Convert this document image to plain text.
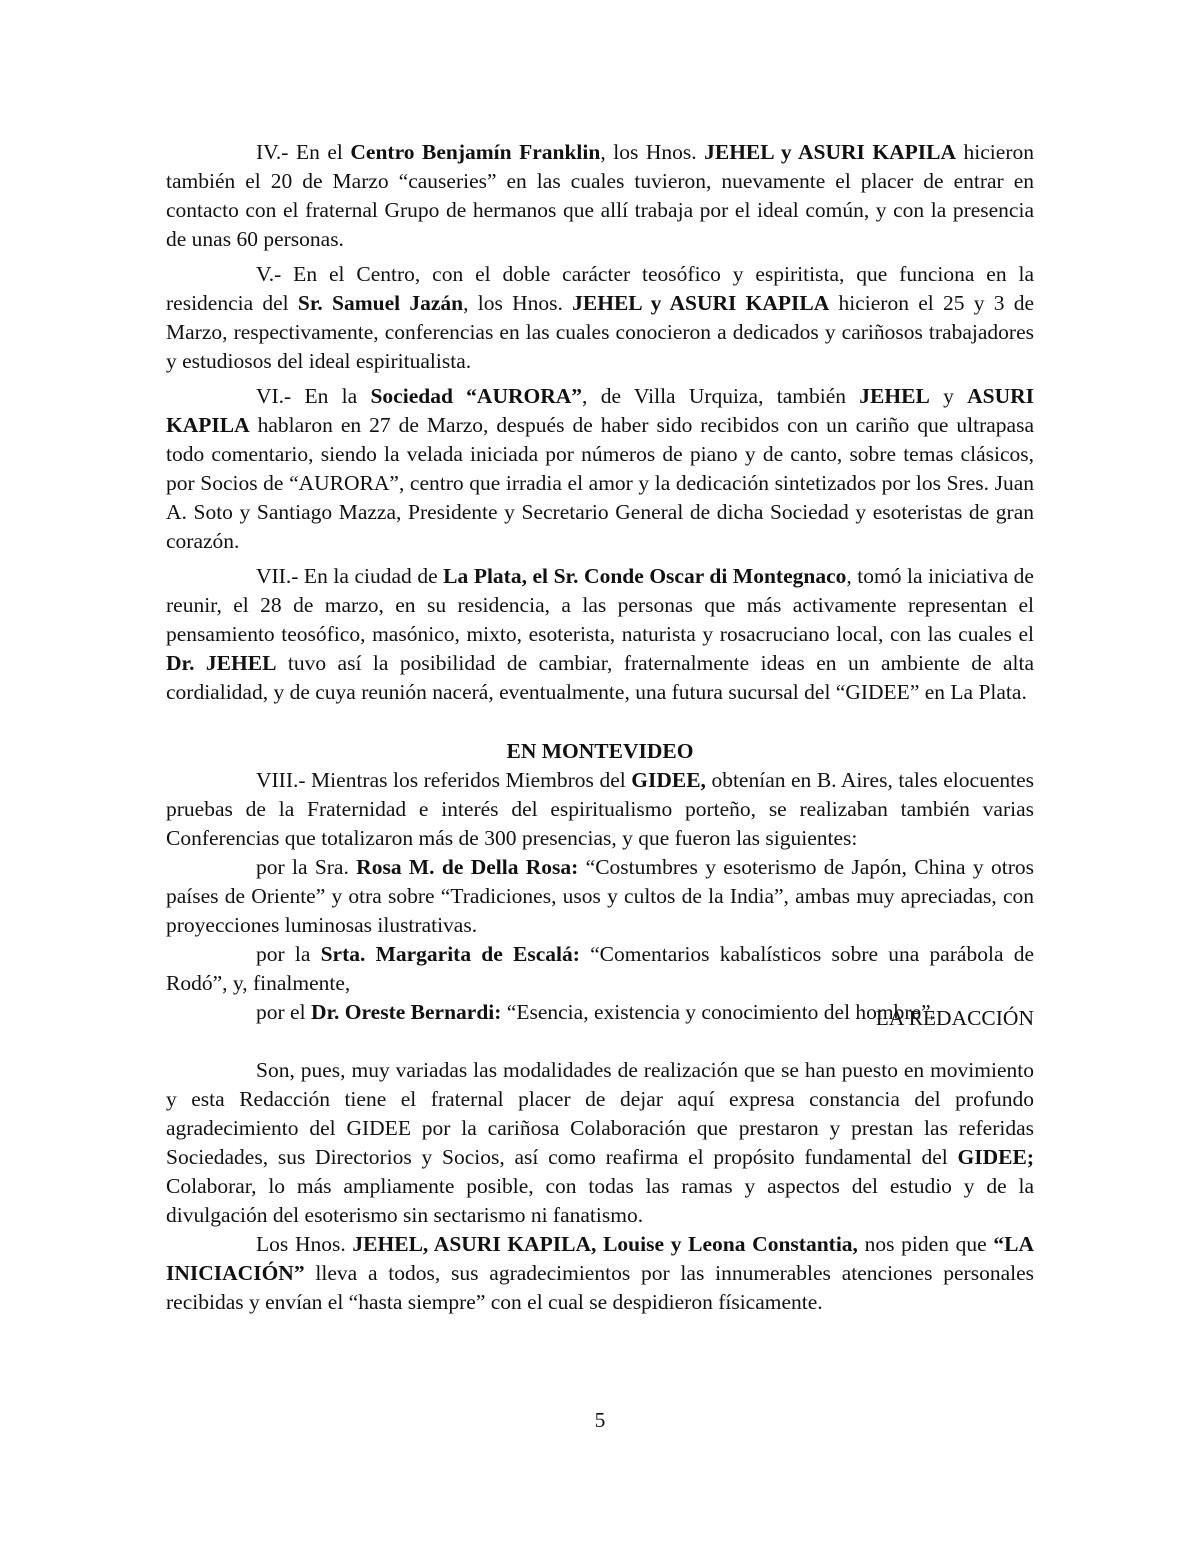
IV.- En el Centro Benjamín Franklin, los Hnos. JEHEL y ASURI KAPILA hicieron también el 20 de Marzo “causeries” en las cuales tuvieron, nuevamente el placer de entrar en contacto con el fraternal Grupo de hermanos que allí trabaja por el ideal común, y con la presencia de unas 60 personas.

V.- En el Centro, con el doble carácter teosófico y espiritista, que funciona en la residencia del Sr. Samuel Jazán, los Hnos. JEHEL y ASURI KAPILA hicieron el 25 y 3 de Marzo, respectivamente, conferencias en las cuales conocieron a dedicados y cariñosos trabajadores y estudiosos del ideal espiritualista.

VI.- En la Sociedad “AURORA”, de Villa Urquiza, también JEHEL y ASURI KAPILA hablaron en 27 de Marzo, después de haber sido recibidos con un cariño que ultrapasa todo comentario, siendo la velada iniciada por números de piano y de canto, sobre temas clásicos, por Socios de “AURORA”, centro que irradia el amor y la dedicación sintetizados por los Sres. Juan A. Soto y Santiago Mazza, Presidente y Secretario General de dicha Sociedad y esoteristas de gran corazón.

VII.- En la ciudad de La Plata, el Sr. Conde Oscar di Montegnaco, tomó la iniciativa de reunir, el 28 de marzo, en su residencia, a las personas que más activamente representan el pensamiento teosófico, masónico, mixto, esoterista, naturista y rosacruciano local, con las cuales el Dr. JEHEL tuvo así la posibilidad de cambiar, fraternalmente ideas en un ambiente de alta cordialidad, y de cuya reunión nacerá, eventualmente, una futura sucursal del “GIDEE” en La Plata.

EN MONTEVIDEO

VIII.- Mientras los referidos Miembros del GIDEE, obtenían en B. Aires, tales elocuentes pruebas de la Fraternidad e interés del espiritualismo porteño, se realizaban también varias Conferencias que totalizaron más de 300 presencias, y que fueron las siguientes:

por la Sra. Rosa M. de Della Rosa: “Costumbres y esoterismo de Japón, China y otros países de Oriente” y otra sobre “Tradiciones, usos y cultos de la India”, ambas muy apreciadas, con proyecciones luminosas ilustrativas.

por la Srta. Margarita de Escalá: “Comentarios kabalísticos sobre una parábola de Rodó”, y, finalmente,

por el Dr. Oreste Bernardi: “Esencia, existencia y conocimiento del hombre”.

Son, pues, muy variadas las modalidades de realización que se han puesto en movimiento y esta Redacción tiene el fraternal placer de dejar aquí expresa constancia del profundo agradecimiento del GIDEE por la cariñosa Colaboración que prestaron y prestan las referidas Sociedades, sus Directorios y Socios, así como reafirma el propósito fundamental del GIDEE; Colaborar, lo más ampliamente posible, con todas las ramas y aspectos del estudio y de la divulgación del esoterismo sin sectarismo ni fanatismo.

Los Hnos. JEHEL, ASURI KAPILA, Louise y Leona Constantia, nos piden que “LA INICIACIÓN” lleva a todos, sus agradecimientos por las innumerables atenciones personales recibidas y envían el “hasta siempre” con el cual se despidieron físicamente.

LA REDACCIÓN
5
